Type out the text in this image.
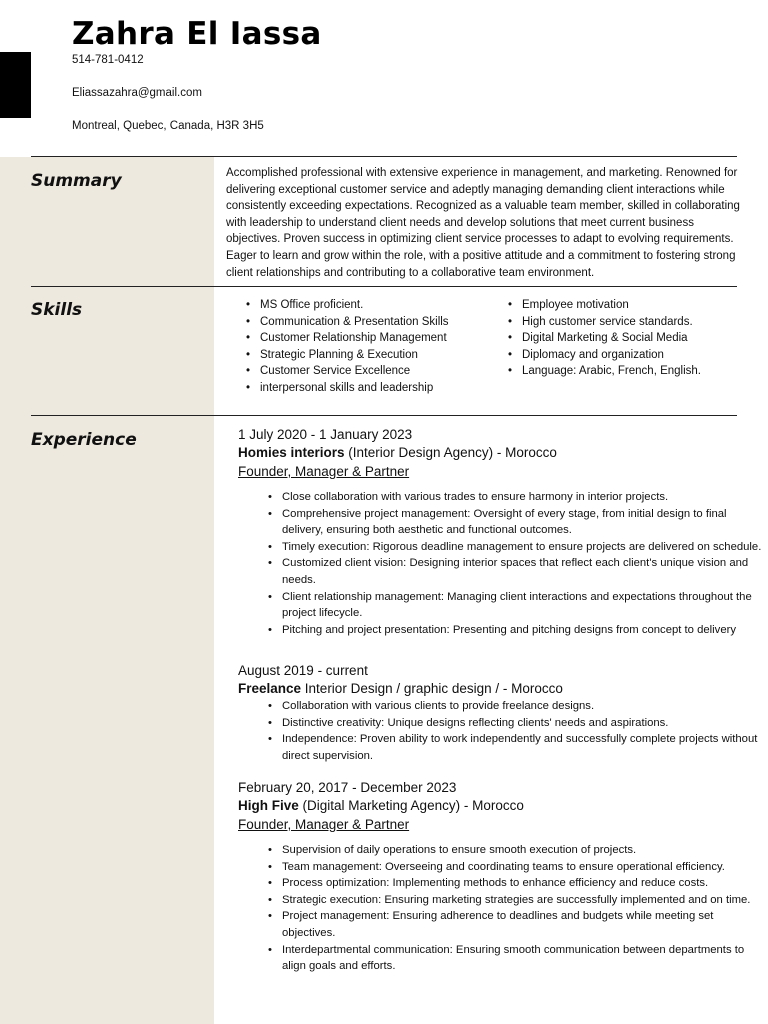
Zahra El Iassa
514-781-0412
Eliassazahra@gmail.com
Montreal, Quebec, Canada, H3R 3H5
Summary	Accomplished professional with extensive experience in management, and marketing. Renowned for delivering exceptional customer service and adeptly managing demanding client interactions while consistently exceeding expectations. Recognized as a valuable team member, skilled in collaborating with leadership to understand client needs and develop solutions that meet current business objectives. Proven success in optimizing client service processes to adapt to evolving requirements. Eager to learn and grow within the role, with a positive attitude and a commitment to fostering strong client relationships and contributing to a collaborative team environment.

Skills
•	MS Office proficient.
• Communication & Presentation Skills
• Customer Relationship Management
• Strategic Planning & Execution
• Customer Service Excellence
• interpersonal skills and leadership
• Employee motivation
• High customer service standards.
• Digital Marketing & Social Media
• Diplomacy and organization
• Language: Arabic, French, English.
Experience	1 July 2020 - 1 January 2023

Homies interiors (Interior Design Agency) - Morocco

Founder, Manager & Partner

• Close collaboration with various trades to ensure harmony in interior projects.
• Comprehensive project management: Oversight of every stage, from initial design to final delivery, ensuring both aesthetic and functional outcomes.
• Timely execution: Rigorous deadline management to ensure projects are delivered on schedule.
• Customized client vision: Designing interior spaces that reflect each client's unique vision and needs.
• Client relationship management: Managing client interactions and expectations throughout the project lifecycle.
• Pitching and project presentation: Presenting and pitching designs from concept to delivery

August 2019 - current

Freelance Interior Design / graphic design / - Morocco

• Collaboration with various clients to provide freelance designs.
• Distinctive creativity: Unique designs reflecting clients' needs and aspirations.
• Independence: Proven ability to work independently and successfully complete projects without direct supervision.

February 20, 2017 - December 2023

High Five (Digital Marketing Agency) - Morocco

Founder, Manager & Partner

• Supervision of daily operations to ensure smooth execution of projects.
• Team management: Overseeing and coordinating teams to ensure operational efficiency.
• Process optimization: Implementing methods to enhance efficiency and reduce costs.
• Strategic execution: Ensuring marketing strategies are successfully implemented and on time.
• Project management: Ensuring adherence to deadlines and budgets while meeting set objectives.
• Interdepartmental communication: Ensuring smooth communication between departments to align goals and efforts.
